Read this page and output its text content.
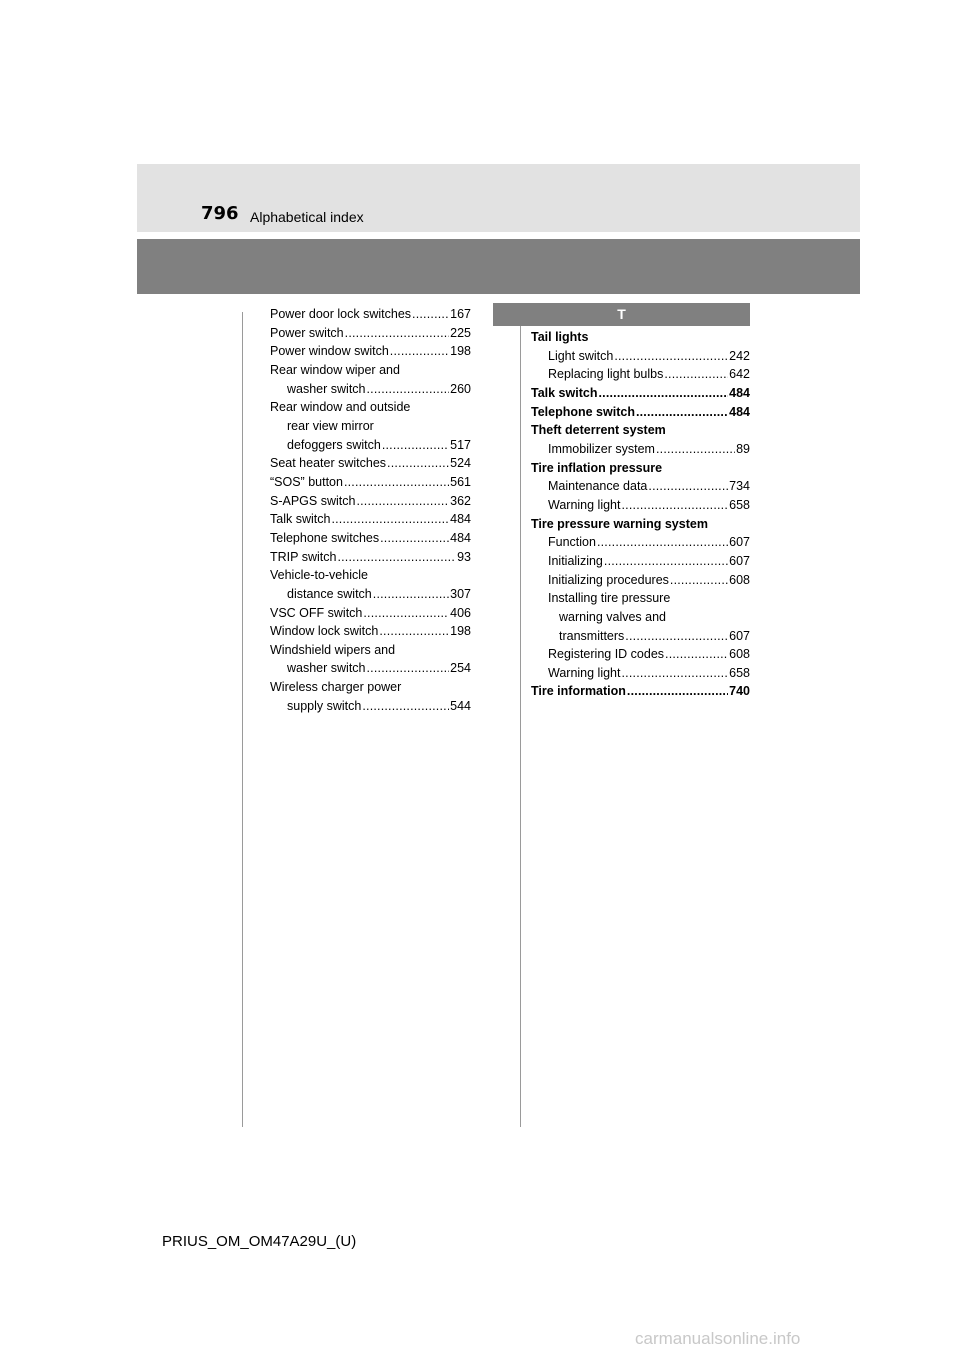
796 Alphabetical index
Power door lock switches .....	167
Power switch .....	225
Power window switch .....	198
Rear window wiper and
washer switch .....	260
Rear window and outside
rear view mirror
defoggers switch .....	517
Seat heater switches .....	524
“SOS” button .....	561
S-APGS switch .....	362
Talk switch .....	484
Telephone switches .....	484
TRIP switch .....	93
Vehicle-to-vehicle
distance switch .....	307
VSC OFF switch .....	406
Window lock switch .....	198
Windshield wipers and
washer switch .....	254
Wireless charger power
supply switch .....	544
T
Tail lights
Light switch .....	242
Replacing light bulbs .....	642
Talk switch .....	484
Telephone switch .....	484
Theft deterrent system
Immobilizer system .....	89
Tire inflation pressure
Maintenance data .....	734
Warning light .....	658
Tire pressure warning system
Function .....	607
Initializing .....	607
Initializing procedures .....	608
Installing tire pressure
warning valves and
transmitters .....	607
Registering ID codes .....	608
Warning light .....	658
Tire information .....	740
PRIUS_OM_OM47A29U_(U)
carmanualsonline.info
